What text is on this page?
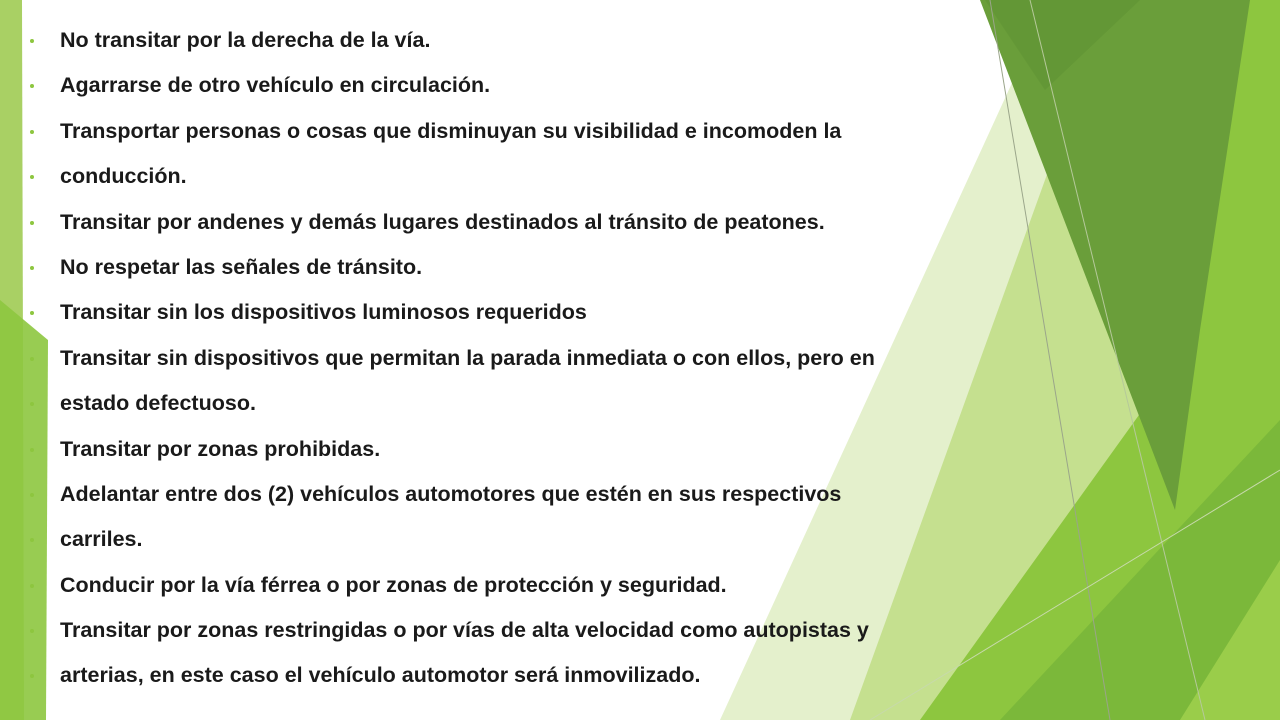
No transitar por la derecha de la vía.
Agarrarse de otro vehículo en circulación.
Transportar personas o cosas que disminuyan su visibilidad e incomoden la
conducción.
Transitar por andenes y demás lugares destinados al tránsito de peatones.
No respetar las señales de tránsito.
Transitar sin los dispositivos luminosos requeridos
Transitar sin dispositivos que permitan la parada inmediata o con ellos, pero en
estado defectuoso.
Transitar por zonas prohibidas.
Adelantar entre dos (2) vehículos automotores que estén en sus respectivos
carriles.
Conducir por la vía férrea o por zonas de protección y seguridad.
Transitar por zonas restringidas o por vías de alta velocidad como autopistas y
arterias, en este caso el vehículo automotor será inmovilizado.
